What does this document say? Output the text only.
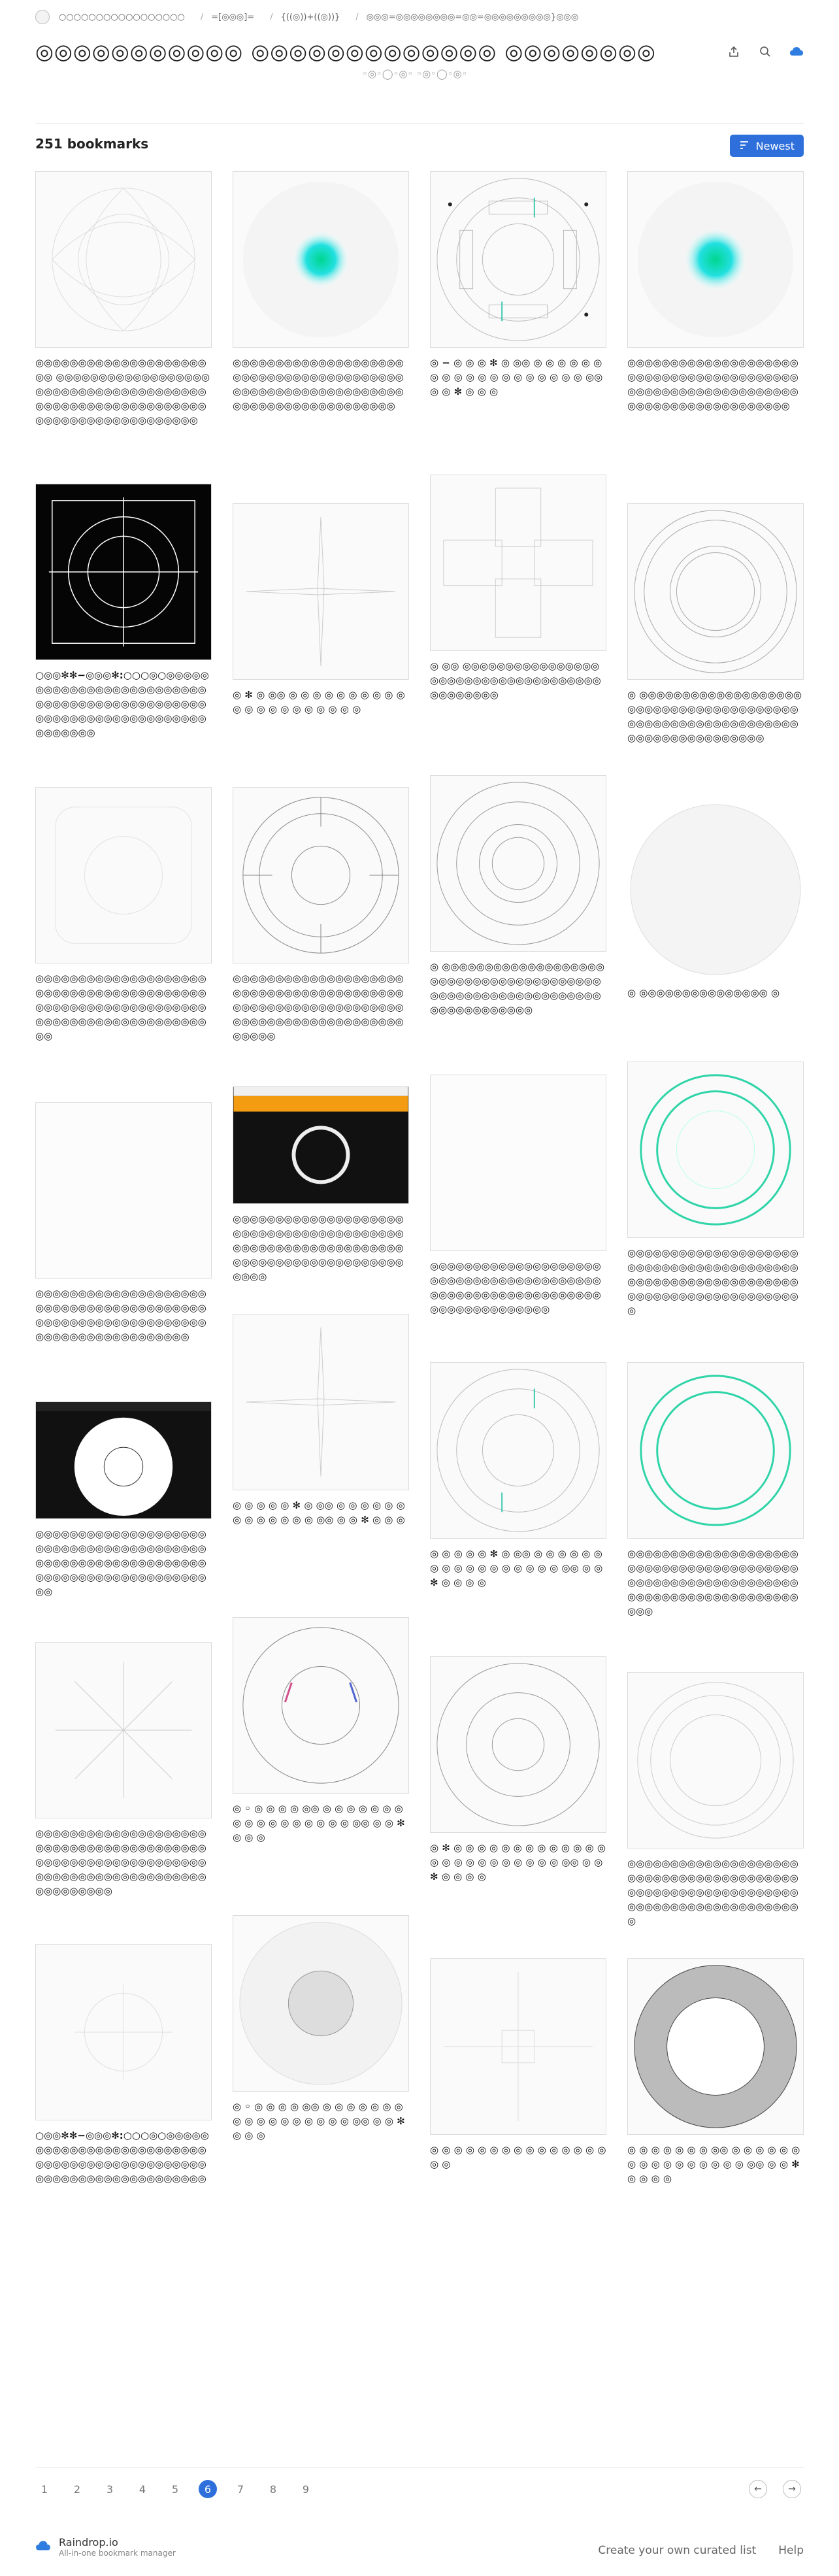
○○○○○○○○○○○○○○○○○ / =[◎◎◎]= / {((◎))+((◎))} / ◎◎◎=◎◎◎◎◎◎◎◎=◎◎=◎◎◎◎◎◎◎◎◎}◎◎◎
◎◎◎◎◎◎◎◎◎◎◎ ◎◎◎◎◎◎◎◎◎◎◎◎◎ ◎◎◎◎◎◎◎◎
◦◎◦◯◦◎◦ ◦◎◦◯◦◎◦
251 bookmarks	Newest
◎◎◎◎◎◎◎◎◎◎◎◎◎◎◎◎◎◎◎◎◎◎ ◎◎◎◎◎◎◎◎◎◎◎◎◎◎◎◎◎◎◎◎◎◎◎◎◎◎◎◎◎◎◎◎◎◎◎◎◎◎◎◎◎◎◎◎◎◎◎◎◎◎◎◎◎◎◎◎◎◎◎◎◎◎◎◎◎◎◎◎◎◎◎◎◎◎◎◎◎
◎◎◎◎◎◎◎◎◎◎◎◎◎◎◎◎◎◎◎◎◎◎◎◎◎◎◎◎◎◎◎◎◎◎◎◎◎◎◎◎◎◎◎◎◎◎◎◎◎◎◎◎◎◎◎◎◎◎◎◎◎◎◎◎◎◎◎◎◎◎◎◎◎◎◎◎◎◎◎
◎ − ◎ ◎ ◎ ✻ ◎ ◎◎ ◎ ◎ ◎ ◎ ◎ ◎ ◎ ◎ ◎ ◎ ◎ ◎ ◎ ◎ ◎ ◎ ◎ ◎ ◎ ◎◎ ◎ ◎ ✻ ◎ ◎ ◎
◎◎◎◎◎◎◎◎◎◎◎◎◎◎◎◎◎◎◎◎◎◎◎◎◎◎◎◎◎◎◎◎◎◎◎◎◎◎◎◎◎◎◎◎◎◎◎◎◎◎◎◎◎◎◎◎◎◎◎◎◎◎◎◎◎◎◎◎◎◎◎◎◎◎◎◎◎◎◎
○◎◎✻✻−◎◎◎✻:○○○◎○◎◎◎◎◎◎◎◎◎◎◎◎◎◎◎◎◎◎◎◎◎◎◎◎◎◎◎◎◎◎◎◎◎◎◎◎◎◎◎◎◎◎◎◎◎◎◎◎◎◎◎◎◎◎◎◎◎◎◎◎◎◎◎◎◎◎◎◎◎◎◎◎
◎ ✻ ◎ ◎◎ ◎ ◎ ◎ ◎ ◎ ◎ ◎ ◎ ◎ ◎ ◎ ◎ ◎ ◎ ◎ ◎ ◎ ◎ ◎ ◎ ◎
◎ ◎◎ ◎◎◎◎◎◎◎◎◎◎◎◎◎◎◎◎◎◎◎◎◎◎◎◎◎◎◎◎◎◎◎◎◎◎◎◎◎◎◎◎◎◎◎◎	◎ ◎◎◎◎◎◎◎◎◎◎◎◎◎◎◎◎◎◎◎◎◎◎◎◎◎◎◎◎◎◎◎◎◎◎◎◎◎◎◎◎◎◎◎◎◎◎◎◎◎◎◎◎◎◎◎◎◎◎◎◎◎◎◎◎◎◎◎◎◎◎◎◎◎◎◎
◎◎◎◎◎◎◎◎◎◎◎◎◎◎◎◎◎◎◎◎◎◎◎◎◎◎◎◎◎◎◎◎◎◎◎◎◎◎◎◎◎◎◎◎◎◎◎◎◎◎◎◎◎◎◎◎◎◎◎◎◎◎◎◎◎◎◎◎◎◎◎◎◎◎◎◎◎◎◎◎◎◎
◎◎◎◎◎◎◎◎◎◎◎◎◎◎◎◎◎◎◎◎◎◎◎◎◎◎◎◎◎◎◎◎◎◎◎◎◎◎◎◎◎◎◎◎◎◎◎◎◎◎◎◎◎◎◎◎◎◎◎◎◎◎◎◎◎◎◎◎◎◎◎◎◎◎◎◎◎◎◎◎◎◎◎◎◎
◎ ◎◎◎◎◎◎◎◎◎◎◎◎◎◎◎◎◎◎◎◎◎◎◎◎◎◎◎◎◎◎◎◎◎◎◎◎◎◎◎◎◎◎◎◎◎◎◎◎◎◎◎◎◎◎◎◎◎◎◎◎◎◎◎◎◎◎◎◎◎◎◎
◎ ◎◎◎◎◎◎◎◎◎◎◎◎◎◎◎ ◎
◎◎◎◎◎◎◎◎◎◎◎◎◎◎◎◎◎◎◎◎◎◎◎◎◎◎◎◎◎◎◎◎◎◎◎◎◎◎◎◎◎◎◎◎◎◎◎◎◎◎◎◎◎◎◎◎◎◎◎◎◎◎◎◎◎◎◎◎◎◎◎◎◎◎◎◎◎◎
◎◎◎◎◎◎◎◎◎◎◎◎◎◎◎◎◎◎◎◎◎◎◎◎◎◎◎◎◎◎◎◎◎◎◎◎◎◎◎◎◎◎◎◎◎◎◎◎◎◎◎◎◎◎◎◎◎◎◎◎◎◎◎◎◎◎◎◎◎◎◎◎◎◎◎◎◎◎◎◎◎◎◎◎
◎◎◎◎◎◎◎◎◎◎◎◎◎◎◎◎◎◎◎◎◎◎◎◎◎◎◎◎◎◎◎◎◎◎◎◎◎◎◎◎◎◎◎◎◎◎◎◎◎◎◎◎◎◎◎◎◎◎◎◎◎◎◎◎◎◎◎◎◎◎◎◎◎◎
◎◎◎◎◎◎◎◎◎◎◎◎◎◎◎◎◎◎◎◎◎◎◎◎◎◎◎◎◎◎◎◎◎◎◎◎◎◎◎◎◎◎◎◎◎◎◎◎◎◎◎◎◎◎◎◎◎◎◎◎◎◎◎◎◎◎◎◎◎◎◎◎◎◎◎◎◎◎◎◎◎
◎◎◎◎◎◎◎◎◎◎◎◎◎◎◎◎◎◎◎◎◎◎◎◎◎◎◎◎◎◎◎◎◎◎◎◎◎◎◎◎◎◎◎◎◎◎◎◎◎◎◎◎◎◎◎◎◎◎◎◎◎◎◎◎◎◎◎◎◎◎◎◎◎◎◎◎◎◎◎◎◎◎
◎ ◎ ◎ ◎ ◎ ✻ ◎ ◎◎ ◎ ◎ ◎ ◎ ◎ ◎ ◎ ◎ ◎ ◎ ◎ ◎ ◎ ◎◎ ◎ ◎ ✻ ◎ ◎ ◎
◎ ◎ ◎ ◎ ◎ ✻ ◎ ◎◎ ◎ ◎ ◎ ◎ ◎ ◎ ◎ ◎ ◎ ◎ ◎ ◎ ◎ ◎ ◎ ◎ ◎ ◎◎ ◎ ◎ ✻ ◎ ◎ ◎ ◎
◎◎◎◎◎◎◎◎◎◎◎◎◎◎◎◎◎◎◎◎◎◎◎◎◎◎◎◎◎◎◎◎◎◎◎◎◎◎◎◎◎◎◎◎◎◎◎◎◎◎◎◎◎◎◎◎◎◎◎◎◎◎◎◎◎◎◎◎◎◎◎◎◎◎◎◎◎◎◎◎◎◎◎
◎◎◎◎◎◎◎◎◎◎◎◎◎◎◎◎◎◎◎◎◎◎◎◎◎◎◎◎◎◎◎◎◎◎◎◎◎◎◎◎◎◎◎◎◎◎◎◎◎◎◎◎◎◎◎◎◎◎◎◎◎◎◎◎◎◎◎◎◎◎◎◎◎◎◎◎◎◎◎◎◎◎◎◎◎◎◎◎◎
◎ ◦ ◎ ◎ ◎ ◎ ◎◎ ◎ ◎ ◎ ◎ ◎ ◎ ◎ ◎ ◎ ◎ ◎ ◎ ◎ ◎ ◎ ◎ ◎ ◎◎ ◎ ◎ ✻ ◎ ◎ ◎
◎ ✻ ◎ ◎ ◎ ◎ ◎ ◎ ◎ ◎ ◎ ◎ ◎ ◎ ◎ ◎ ◎ ◎ ◎ ◎ ◎ ◎ ◎ ◎ ◎ ◎ ◎◎ ◎ ◎ ✻ ◎ ◎ ◎ ◎
◎◎◎◎◎◎◎◎◎◎◎◎◎◎◎◎◎◎◎◎◎◎◎◎◎◎◎◎◎◎◎◎◎◎◎◎◎◎◎◎◎◎◎◎◎◎◎◎◎◎◎◎◎◎◎◎◎◎◎◎◎◎◎◎◎◎◎◎◎◎◎◎◎◎◎◎◎◎◎◎◎
○◎◎✻✻−◎◎◎✻:○○○◎○◎◎◎◎◎◎◎◎◎◎◎◎◎◎◎◎◎◎◎◎◎◎◎◎◎◎◎◎◎◎◎◎◎◎◎◎◎◎◎◎◎◎◎◎◎◎◎◎◎◎◎◎◎◎◎◎◎◎◎◎◎◎◎◎◎
◎ ◦ ◎ ◎ ◎ ◎ ◎◎ ◎ ◎ ◎ ◎ ◎ ◎ ◎ ◎ ◎ ◎ ◎ ◎ ◎ ◎ ◎ ◎ ◎ ◎◎ ◎ ◎ ✻ ◎ ◎ ◎
◎ ◎ ◎ ◎ ◎ ◎ ◎ ◎ ◎ ◎ ◎ ◎ ◎ ◎ ◎ ◎ ◎
◎ ◎ ◎ ◎ ◎ ◎ ◎ ◎◎ ◎ ◎ ◎ ◎ ◎ ◎ ◎ ◎ ◎ ◎ ◎ ◎ ◎ ◎ ◎ ◎ ◎◎ ◎ ◎ ✻ ◎ ◎ ◎ ◎
1	2	3	4	5	6	7	8	9	←	→
Raindrop.io
All-in-one bookmark manager	Create your own curated list Help
